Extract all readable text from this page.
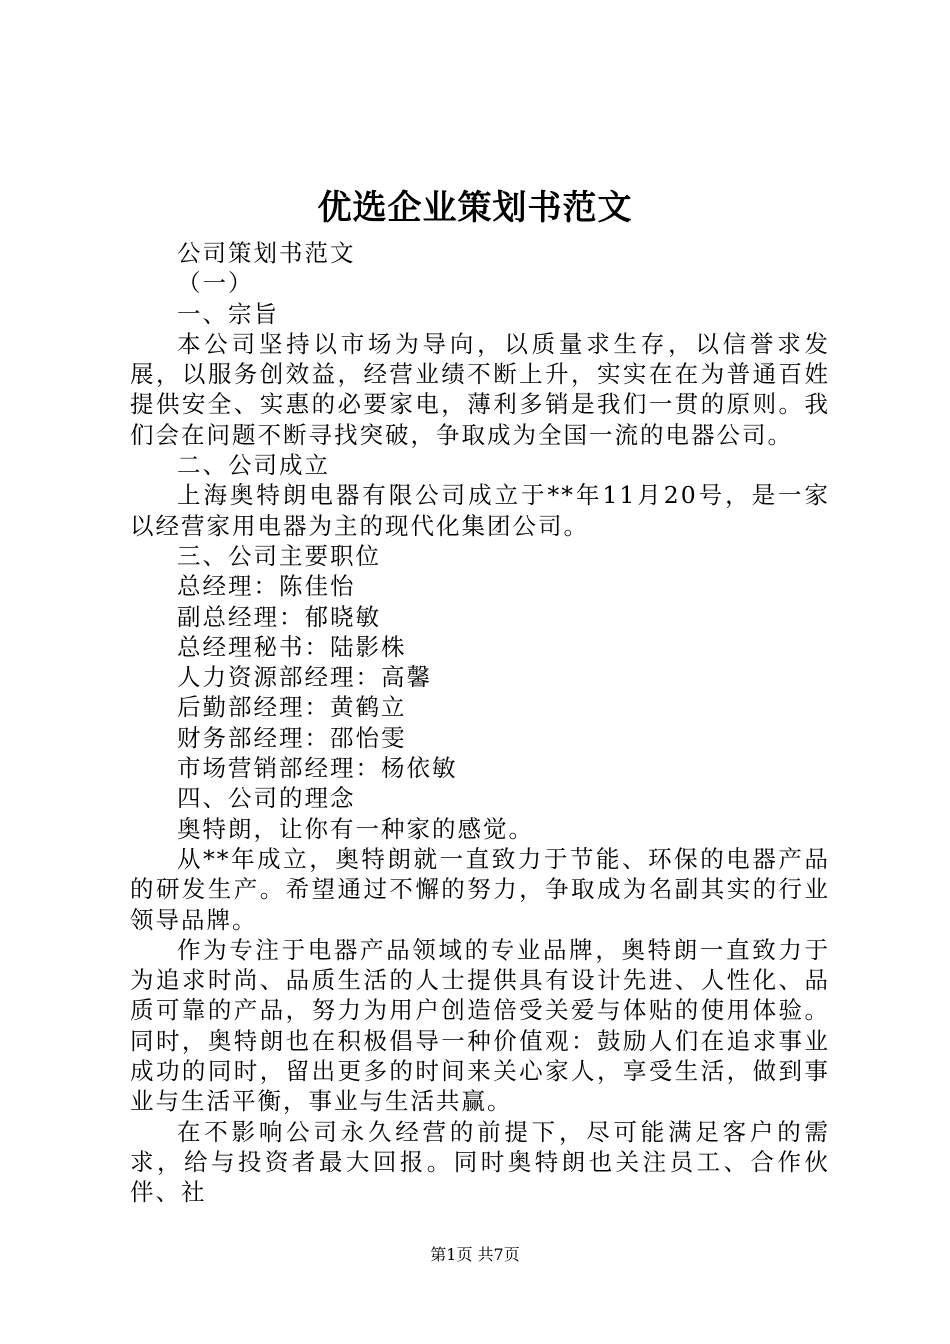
优选企业策划书范文

公司策划书范文

（一）

一、宗旨

本公司坚持以市场为导向，以质量求生存，以信誉求发展，以服务创效益，经营业绩不断上升，实实在在为普通百姓提供安全、实惠的必要家电，薄利多销是我们一贯的原则。我们会在问题不断寻找突破，争取成为全国一流的电器公司。

二、公司成立

上海奥特朗电器有限公司成立于**年11月20号，是一家以经营家用电器为主的现代化集团公司。

三、公司主要职位

总经理：陈佳怡

副总经理：郁晓敏

总经理秘书：陆影株

人力资源部经理：高馨

后勤部经理：黄鹤立

财务部经理：邵怡雯

市场营销部经理：杨依敏

四、公司的理念

奥特朗，让你有一种家的感觉。

从**年成立，奥特朗就一直致力于节能、环保的电器产品的研发生产。希望通过不懈的努力，争取成为名副其实的行业领导品牌。

作为专注于电器产品领域的专业品牌，奥特朗一直致力于为追求时尚、品质生活的人士提供具有设计先进、人性化、品质可靠的产品，努力为用户创造倍受关爱与体贴的使用体验。同时，奥特朗也在积极倡导一种价值观：鼓励人们在追求事业成功的同时，留出更多的时间来关心家人，享受生活，做到事业与生活平衡，事业与生活共赢。

在不影响公司永久经营的前提下，尽可能满足客户的需求，给与投资者最大回报。同时奥特朗也关注员工、合作伙伴、社

第1页 共7页
